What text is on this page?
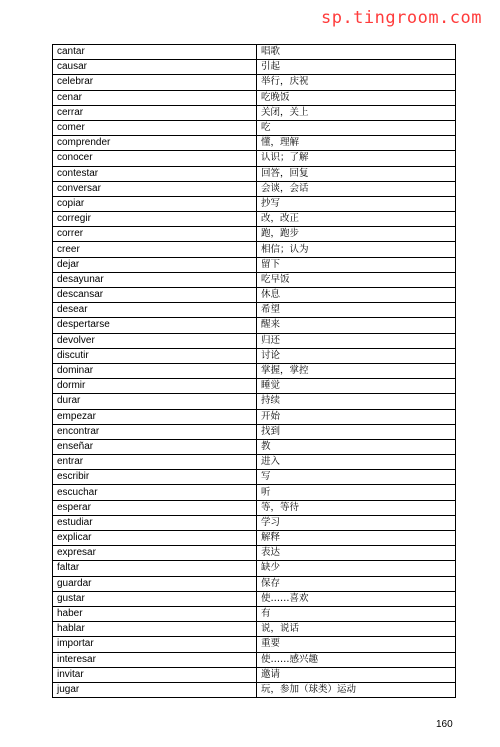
sp.tingroom.com
cantar	唱歌
causar	引起
celebrar	举行，庆祝
cenar	吃晚饭
cerrar	关闭，关上
comer	吃
comprender	懂，理解
conocer	认识；了解
contestar	回答，回复
conversar	会谈，会话
copiar	抄写
corregir	改，改正
correr	跑，跑步
creer	相信；认为
dejar	留下
desayunar	吃早饭
descansar	休息
desear	希望
despertarse	醒来
devolver	归还
discutir	讨论
dominar	掌握，掌控
dormir	睡觉
durar	持续
empezar	开始
encontrar	找到
enseñar	教
entrar	进入
escribir	写
escuchar	听
esperar	等，等待
estudiar	学习
explicar	解释
expresar	表达
faltar	缺少
guardar	保存
gustar	使……喜欢
haber	有
hablar	说，说话
importar	重要
interesar	使……感兴趣
invitar	邀请
jugar	玩，参加（球类）运动
160
